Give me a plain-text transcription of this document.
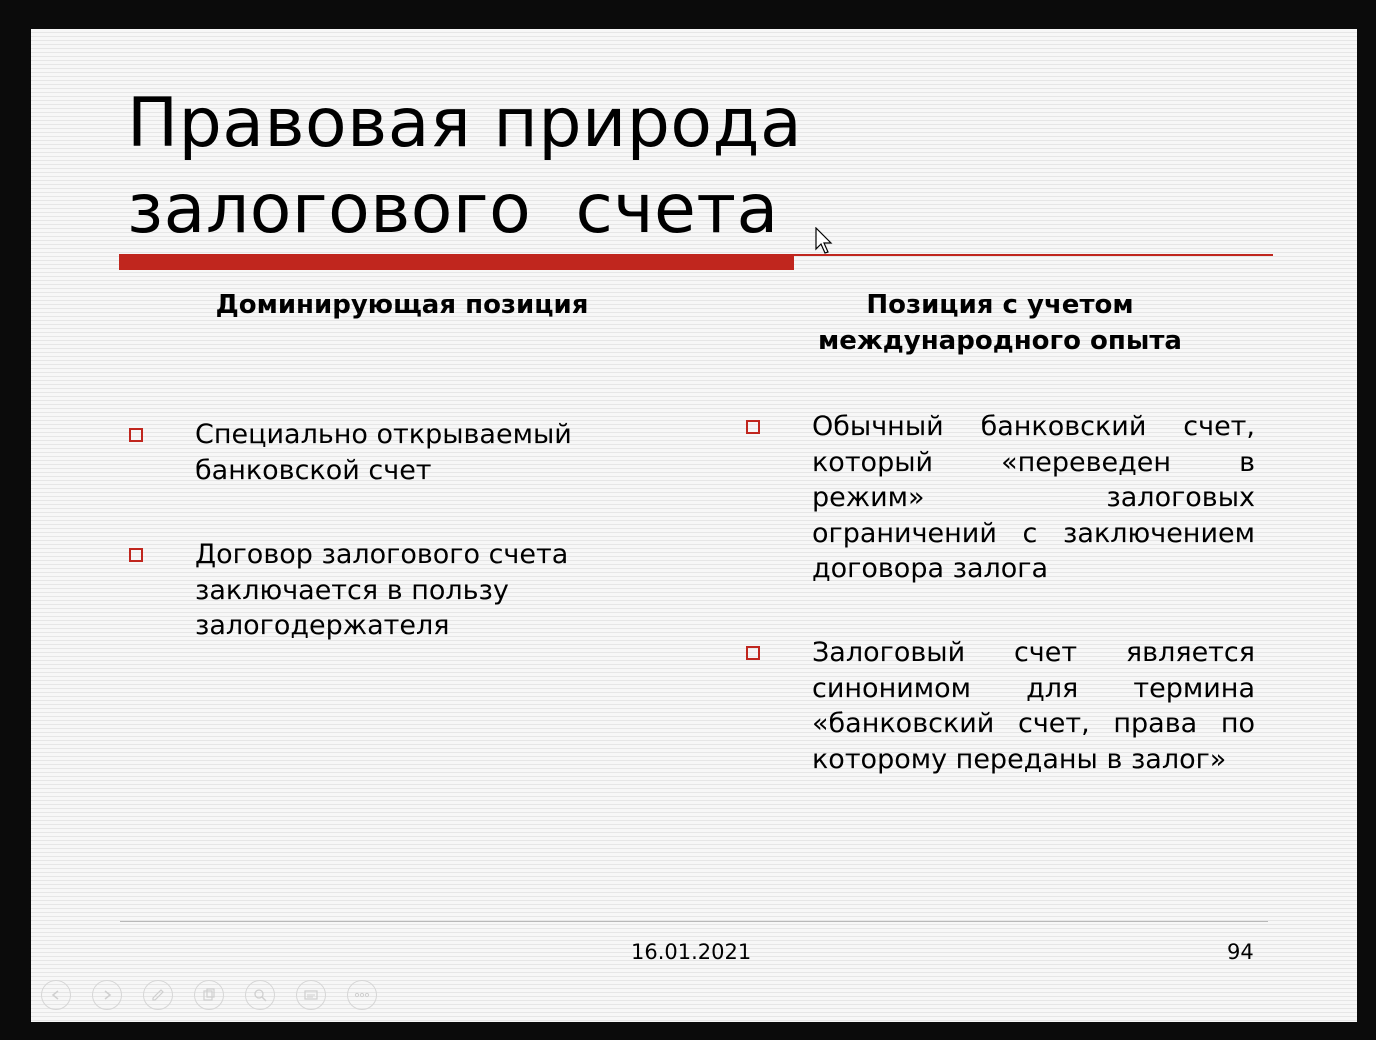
Правовая природа
залогового  счета

Доминирующая позиция

Специально открываемый банковской счет

Договор залогового счета заключается в пользу залогодержателя

Позиция с учетом международного опыта

Обычный банковский счет, который «переведен в режим» залоговых ограничений с заключением договора залога

Залоговый счет является синонимом для термина «банковский счет, права по которому переданы в залог»

16.01.2021	94
